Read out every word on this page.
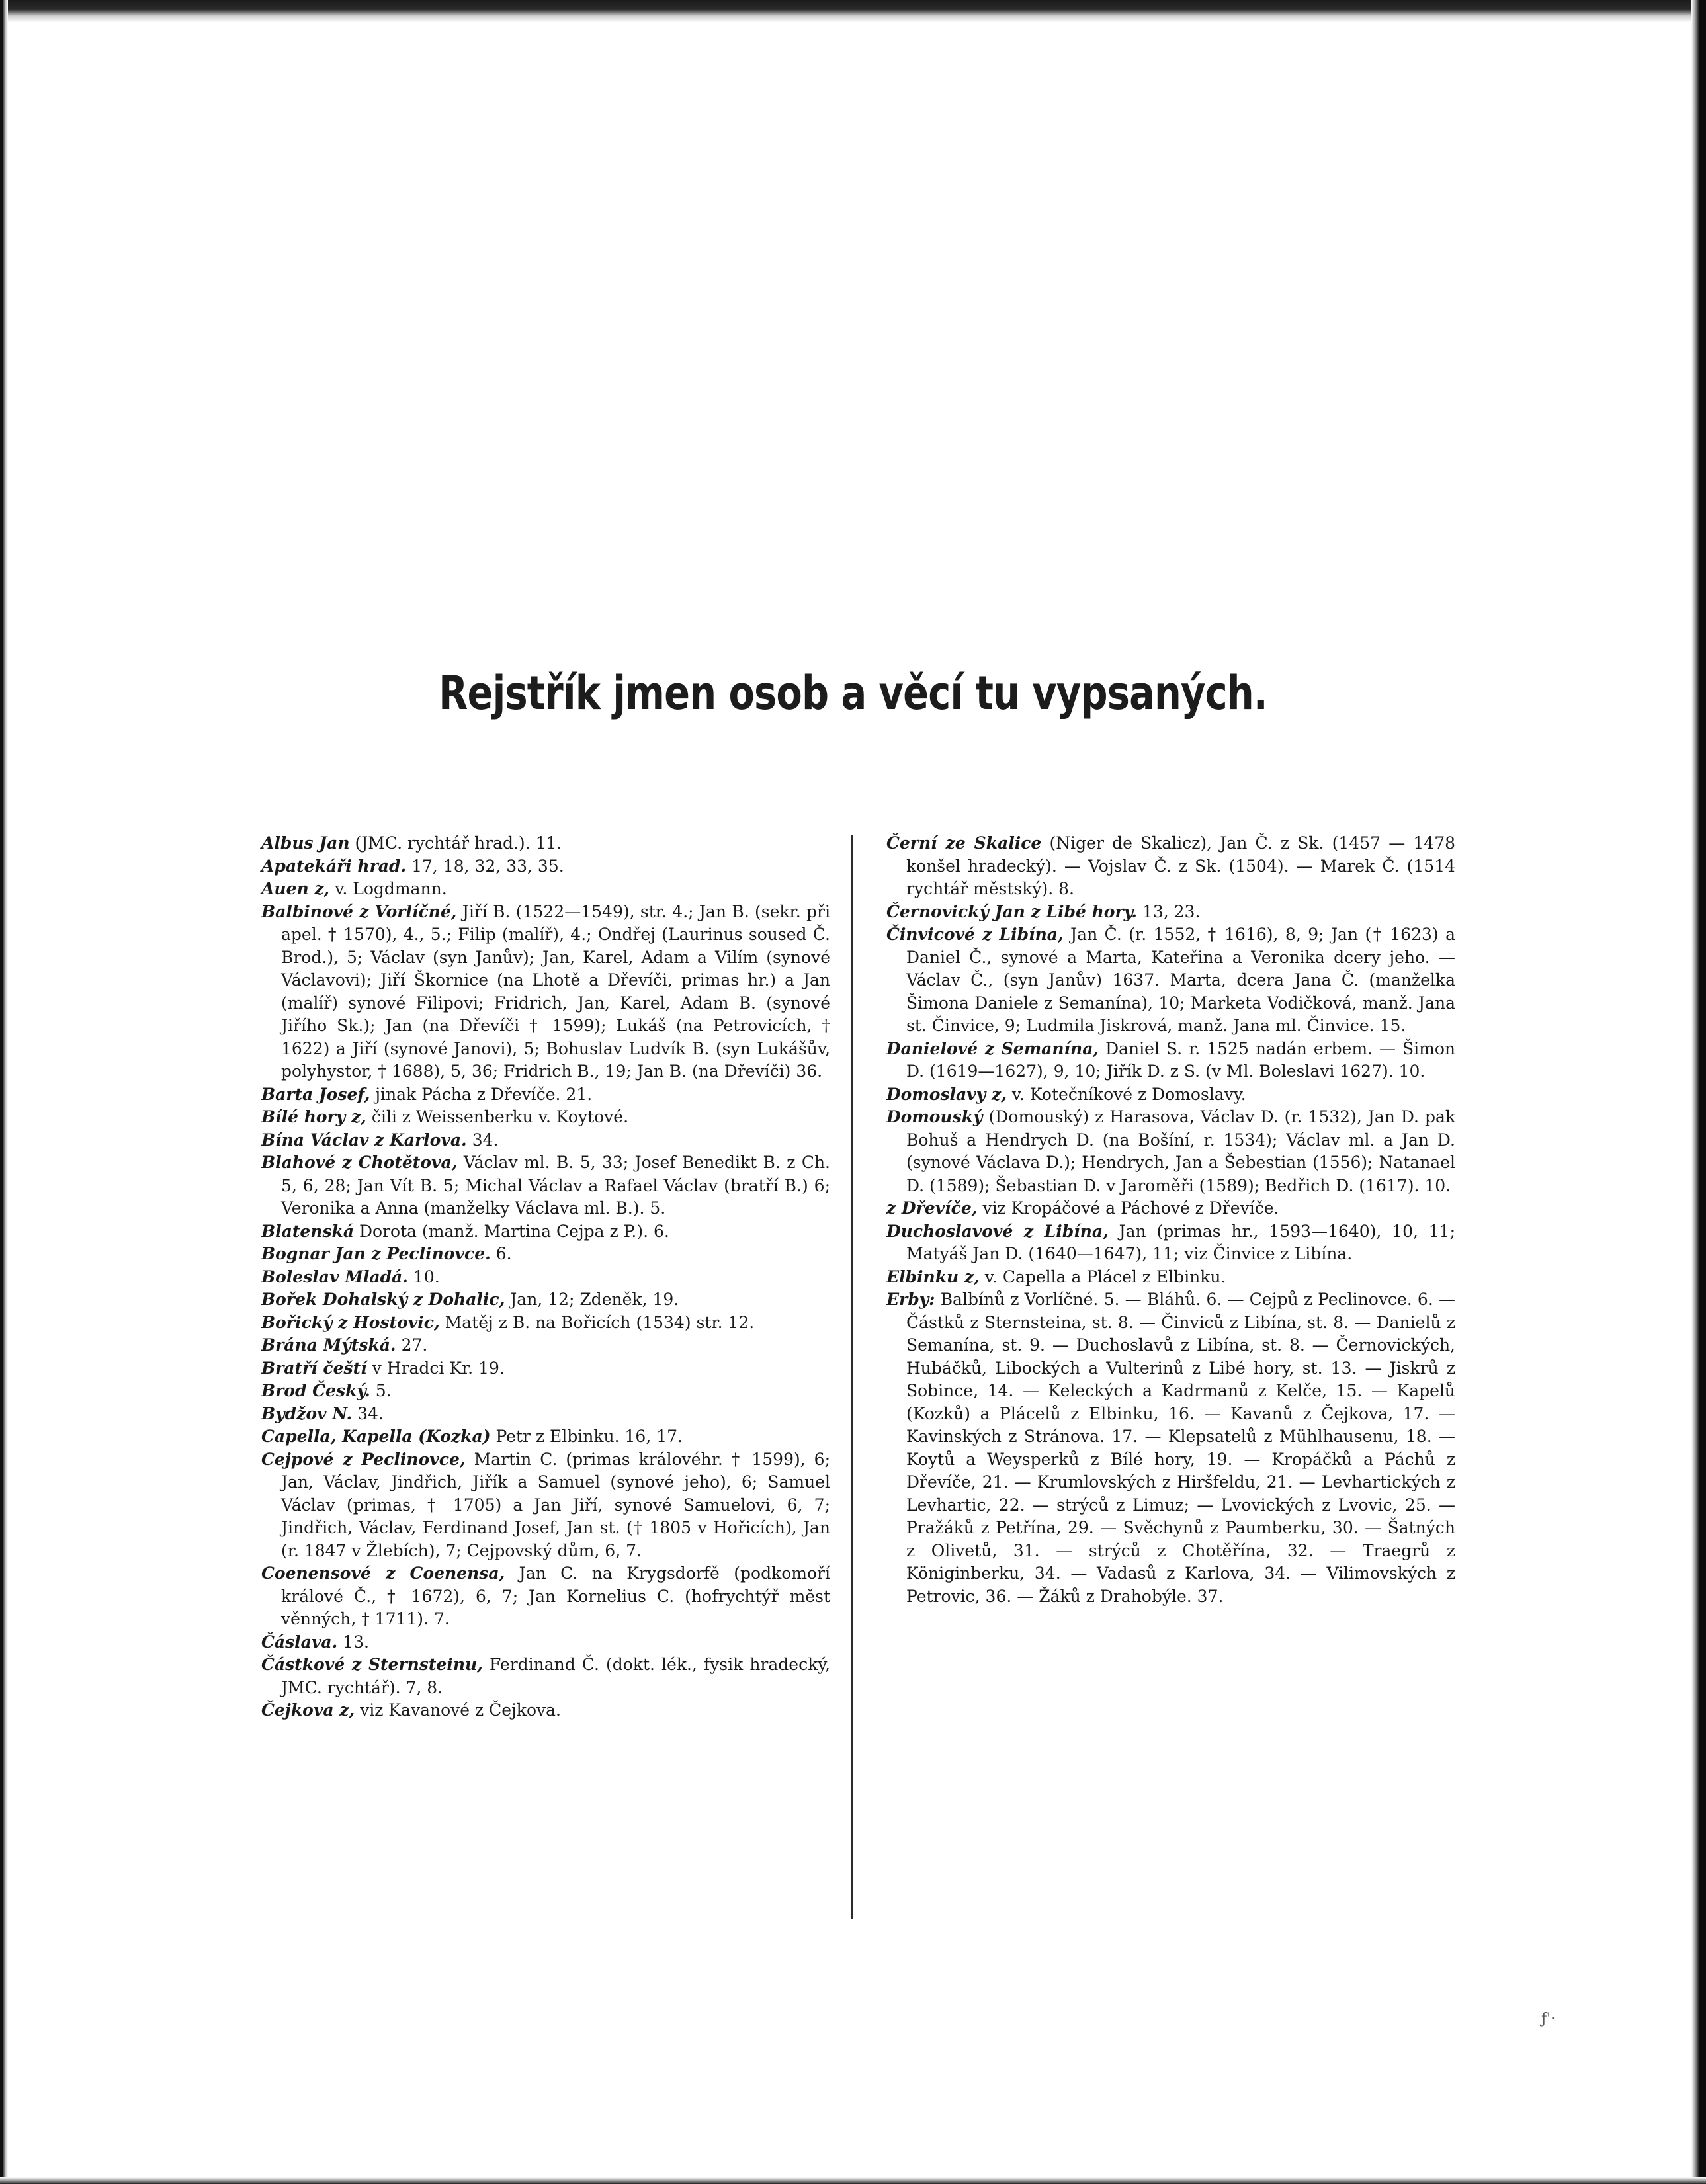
Rejstřík jmen osob a věcí tu vypsaných.

Albus Jan (JMC. rychtář hrad.). 11.

Apatekáři hrad. 17, 18, 32, 33, 35.

Auen z, v. Logdmann.

Balbinové z Vorlíčné, Jiří B. (1522—1549), str. 4.; Jan B. (sekr. při apel. † 1570), 4., 5.; Filip (malíř), 4.; Ondřej (Laurinus soused Č. Brod.), 5; Václav (syn Janův); Jan, Karel, Adam a Vilím (synové Václavovi); Jiří Škornice (na Lhotě a Dřevíči, primas hr.) a Jan (malíř) synové Filipovi; Fridrich, Jan, Karel, Adam B. (synové Jiřího Sk.); Jan (na Dřevíči † 1599); Lukáš (na Petrovicích, † 1622) a Jiří (synové Janovi), 5; Bohuslav Ludvík B. (syn Lukášův, polyhystor, † 1688), 5, 36; Fridrich B., 19; Jan B. (na Dřevíči) 36.

Barta Josef, jinak Pácha z Dřevíče. 21.

Bílé hory z, čili z Weissenberku v. Koytové.

Bína Václav z Karlova. 34.

Blahové z Chotětova, Václav ml. B. 5, 33; Josef Benedikt B. z Ch. 5, 6, 28; Jan Vít B. 5; Michal Václav a Rafael Václav (bratří B.) 6; Veronika a Anna (manželky Václava ml. B.). 5.

Blatenská Dorota (manž. Martina Cejpa z P.). 6.

Bognar Jan z Peclinovce. 6.

Boleslav Mladá. 10.

Bořek Dohalský z Dohalic, Jan, 12; Zdeněk, 19.

Bořický z Hostovic, Matěj z B. na Bořicích (1534) str. 12.

Brána Mýtská. 27.

Bratří čeští v Hradci Kr. 19.

Brod Český. 5.

Bydžov N. 34.

Capella, Kapella (Kozka) Petr z Elbinku. 16, 17.

Cejpové z Peclinovce, Martin C. (primas královéhr. † 1599), 6; Jan, Václav, Jindřich, Jiřík a Samuel (synové jeho), 6; Samuel Václav (primas, † 1705) a Jan Jiří, synové Samuelovi, 6, 7; Jindřich, Václav, Ferdinand Josef, Jan st. († 1805 v Hořicích), Jan (r. 1847 v Žlebích), 7; Cejpovský dům, 6, 7.

Coenensové z Coenensa, Jan C. na Krygsdorfě (podkomoří králové Č., † 1672), 6, 7; Jan Kornelius C. (hofrychtýř měst věnných, † 1711). 7.

Čáslava. 13.

Částkové z Sternsteinu, Ferdinand Č. (dokt. lék., fysik hradecký, JMC. rychtář). 7, 8.

Čejkova z, viz Kavanové z Čejkova.

Černí ze Skalice (Niger de Skalicz), Jan Č. z Sk. (1457 — 1478 konšel hradecký). — Vojslav Č. z Sk. (1504). — Marek Č. (1514 rychtář městský). 8.

Černovický Jan z Libé hory. 13, 23.

Činvicové z Libína, Jan Č. (r. 1552, † 1616), 8, 9; Jan († 1623) a Daniel Č., synové a Marta, Kateřina a Veronika dcery jeho. — Václav Č., (syn Janův) 1637. Marta, dcera Jana Č. (manželka Šimona Daniele z Semanína), 10; Marketa Vodičková, manž. Jana st. Činvice, 9; Ludmila Jiskrová, manž. Jana ml. Činvice. 15.

Danielové z Semanína, Daniel S. r. 1525 nadán erbem. — Šimon D. (1619—1627), 9, 10; Jiřík D. z S. (v Ml. Boleslavi 1627). 10.

Domoslavy z, v. Kotečníkové z Domoslavy.

Domouský (Domouský) z Harasova, Václav D. (r. 1532), Jan D. pak Bohuš a Hendrych D. (na Bošíní, r. 1534); Václav ml. a Jan D. (synové Václava D.); Hendrych, Jan a Šebestian (1556); Natanael D. (1589); Šebastian D. v Jaroměři (1589); Bedřich D. (1617). 10.

z Dřevíče, viz Kropáčové a Páchové z Dřevíče.

Duchoslavové z Libína, Jan (primas hr., 1593—1640), 10, 11; Matyáš Jan D. (1640—1647), 11; viz Činvice z Libína.

Elbinku z, v. Capella a Plácel z Elbinku.

Erby: Balbínů z Vorlíčné. 5. — Bláhů. 6. — Cejpů z Peclinovce. 6. — Částků z Sternsteina, st. 8. — Činviců z Libína, st. 8. — Danielů z Semanína, st. 9. — Duchoslavů z Libína, st. 8. — Černovických, Hubáčků, Libockých a Vulterinů z Libé hory, st. 13. — Jiskrů z Sobince, 14. — Keleckých a Kadrmanů z Kelče, 15. — Kapelů (Kozků) a Plácelů z Elbinku, 16. — Kavanů z Čejkova, 17. — Kavinských z Stránova. 17. — Klepsatelů z Mühlhausenu, 18. — Koytů a Weysperků z Bílé hory, 19. — Kropáčků a Páchů z Dřevíče, 21. — Krumlovských z Hiršfeldu, 21. — Levhartických z Levhartic, 22. — strýců z Limuz; — Lvovických z Lvovic, 25. — Pražáků z Petřína, 29. — Svěchynů z Paumberku, 30. — Šatných z Olivetů, 31. — strýců z Chotěřína, 32. — Traegrů z Königinberku, 34. — Vadasů z Karlova, 34. — Vilimovských z Petrovic, 36. — Žáků z Drahobýle. 37.

ƒ'·
